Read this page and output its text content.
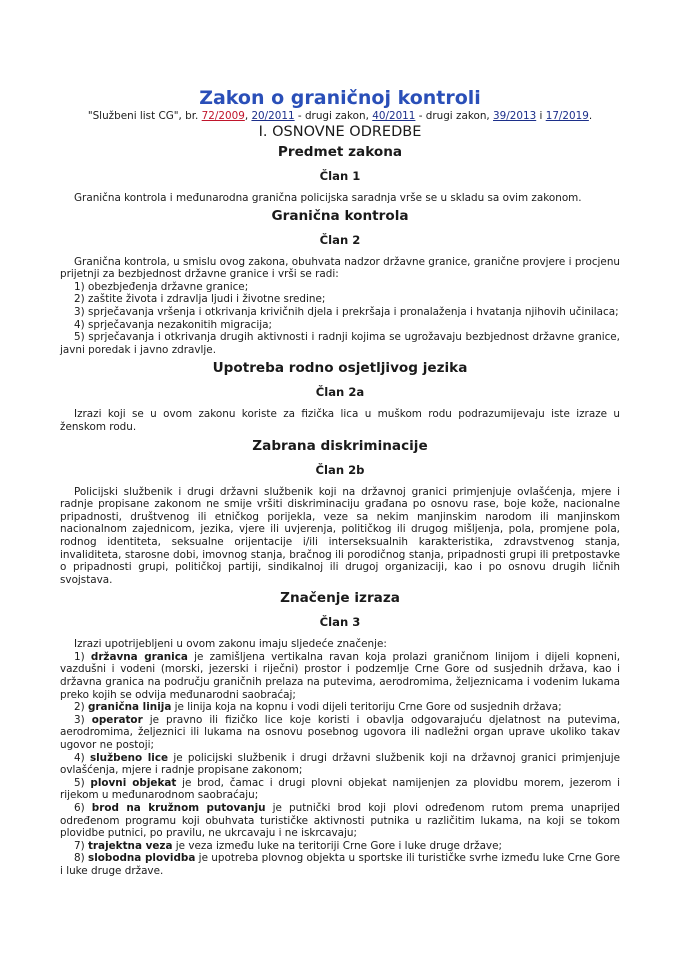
Zakon o graničnoj kontroli

"Službeni list CG", br. 72/2009, 20/2011 - drugi zakon, 40/2011 - drugi zakon, 39/2013 i 17/2019.

I. OSNOVNE ODREDBE
Predmet zakona
Član 1

Granična kontrola i međunarodna granična policijska saradnja vrše se u skladu sa ovim zakonom.

Granična kontrola
Član 2

Granična kontrola, u smislu ovog zakona, obuhvata nadzor državne granice, granične provjere i procjenu prijetnji za bezbjednost državne granice i vrši se radi:

1) obezbjeđenja državne granice;

2) zaštite života i zdravlja ljudi i životne sredine;

3) sprječavanja vršenja i otkrivanja krivičnih djela i prekršaja i pronalaženja i hvatanja njihovih učinilaca;

4) sprječavanja nezakonitih migracija;

5) sprječavanja i otkrivanja drugih aktivnosti i radnji kojima se ugrožavaju bezbjednost državne granice, javni poredak i javno zdravlje.

Upotreba rodno osjetljivog jezika
Član 2a

Izrazi koji se u ovom zakonu koriste za fizička lica u muškom rodu podrazumijevaju iste izraze u ženskom rodu.

Zabrana diskriminacije
Član 2b

Policijski službenik i drugi državni službenik koji na državnoj granici primjenjuje ovlašćenja, mjere i radnje propisane zakonom ne smije vršiti diskriminaciju građana po osnovu rase, boje kože, nacionalne pripadnosti, društvenog ili etničkog porijekla, veze sa nekim manjinskim narodom ili manjinskom nacionalnom zajednicom, jezika, vjere ili uvjerenja, političkog ili drugog mišljenja, pola, promjene pola, rodnog identiteta, seksualne orijentacije i/ili interseksualnih karakteristika, zdravstvenog stanja, invaliditeta, starosne dobi, imovnog stanja, bračnog ili porodičnog stanja, pripadnosti grupi ili pretpostavke o pripadnosti grupi, političkoj partiji, sindikalnoj ili drugoj organizaciji, kao i po osnovu drugih ličnih svojstava.

Značenje izraza
Član 3

Izrazi upotrijebljeni u ovom zakonu imaju sljedeće značenje:

1) državna granica je zamišljena vertikalna ravan koja prolazi graničnom linijom i dijeli kopneni, vazdušni i vodeni (morski, jezerski i riječni) prostor i podzemlje Crne Gore od susjednih država, kao i državna granica na području graničnih prelaza na putevima, aerodromima, željeznicama i vodenim lukama preko kojih se odvija međunarodni saobraćaj;

2) granična linija je linija koja na kopnu i vodi dijeli teritoriju Crne Gore od susjednih država;

3) operator je pravno ili fizičko lice koje koristi i obavlja odgovarajuću djelatnost na putevima, aerodromima, željeznici ili lukama na osnovu posebnog ugovora ili nadležni organ uprave ukoliko takav ugovor ne postoji;

4) službeno lice je policijski službenik i drugi državni službenik koji na državnoj granici primjenjuje ovlašćenja, mjere i radnje propisane zakonom;

5) plovni objekat je brod, čamac i drugi plovni objekat namijenjen za plovidbu morem, jezerom i rijekom u međunarodnom saobraćaju;

6) brod na kružnom putovanju je putnički brod koji plovi određenom rutom prema unaprijed određenom programu koji obuhvata turističke aktivnosti putnika u različitim lukama, na koji se tokom plovidbe putnici, po pravilu, ne ukrcavaju i ne iskrcavaju;

7) trajektna veza je veza između luke na teritoriji Crne Gore i luke druge države;

8) slobodna plovidba je upotreba plovnog objekta u sportske ili turističke svrhe između luke Crne Gore i luke druge države.
